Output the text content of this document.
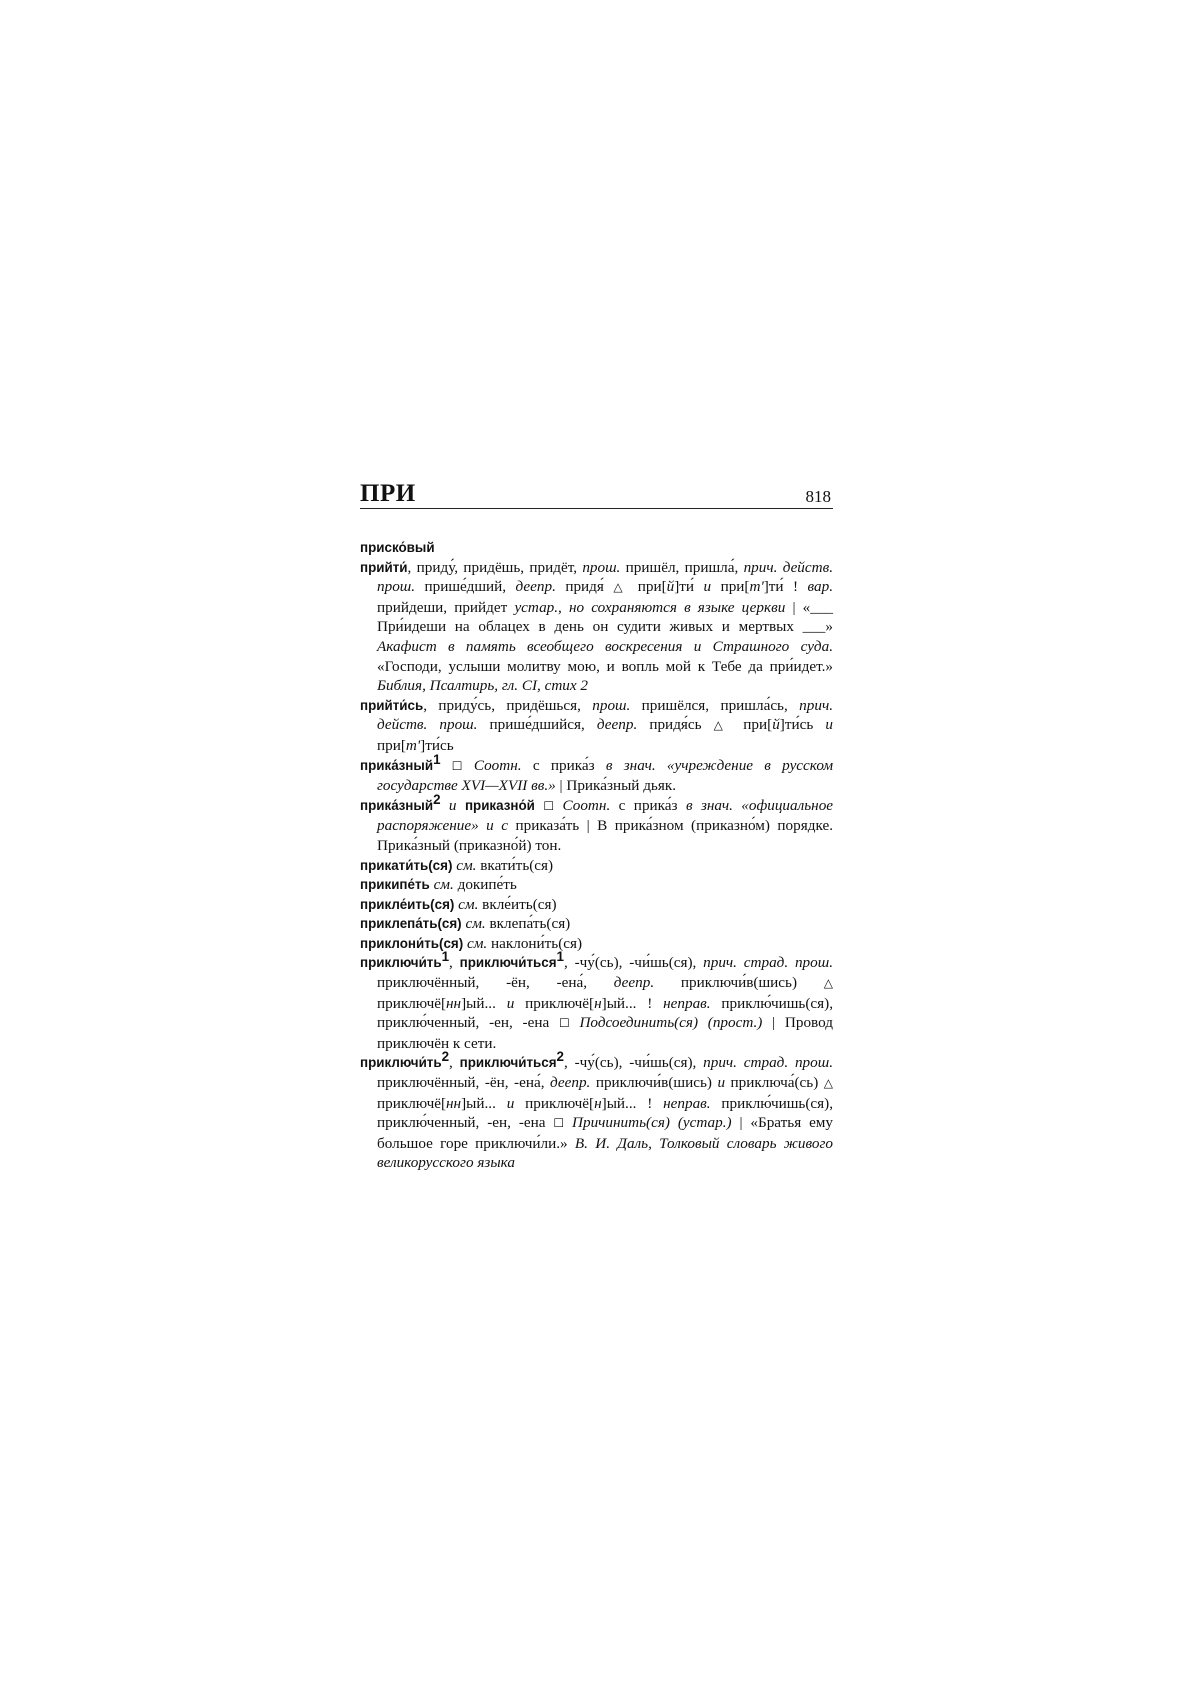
ПРИ	818

приско́вый

прийти́, приду́, придёшь, придёт, прош. пришёл, пришла́, прич. действ. прош. прише́дший, деепр. придя́ △ при[й]ти́ и при[т']ти́ ! вар. прийдеши, прийдет устар., но сохраняются в языке церкви | «___ При́идеши на облацех в день он судити живых и мертвых ___» Акафист в память всеобщего воскресения и Страшного суда. «Господи, услыши молитву мою, и вопль мой к Тебе да при́идет.» Библия, Псалтирь, гл. CI, стих 2

прийти́сь, приду́сь, придёшься, прош. пришёлся, пришла́сь, прич. действ. прош. прише́дшийся, деепр. придя́сь △ при[й]ти́сь и при[т']ти́сь

прика́зный$^1$ ☐ Соотн. с прика́з в знач. «учреждение в русском государстве XVI—XVII вв.» | Прика́зный дьяк.

прика́зный$^2$ и приказно́й ☐ Соотн. с прика́з в знач. «официальное распоряжение» и с приказа́ть | В прика́зном (приказно́м) порядке. Прика́зный (приказно́й) тон.

прикати́ть(ся) см. вкати́ть(ся)

прикипе́ть см. докипе́ть

прикле́ить(ся) см. вкле́ить(ся)

приклепа́ть(ся) см. вклепа́ть(ся)

приклони́ть(ся) см. наклони́ть(ся)

$приключи́ть^1$, приключи́ться$^1$, -чу́(сь), -чи́шь(ся), прич. страд. прош. приключённый, -ён, -ена́, деепр. приключи́в(шись) △ приключё[нн]ый... и приключё[н]ый... ! неправ. приклю́чишь(ся), приклю́ченный, -ен, -ена ☐ Подсоединить(ся) (прост.) | Провод приключён к сети.

$приключи́ть^2$, приключи́ться$^2$, -чу́(сь), -чи́шь(ся), прич. страд. прош. приключённый, -ён, -ена́, деепр. приключи́в(шись) и приключа́(сь) △ приключё[нн]ый... и приключё[н]ый... ! неправ. приклю́чишь(ся), приклю́ченный, -ен, -ена ☐ Причинить(ся) (устар.) | «Братья ему большое горе приключи́ли.» В. И. Даль, Толковый словарь живого великорусского языка
